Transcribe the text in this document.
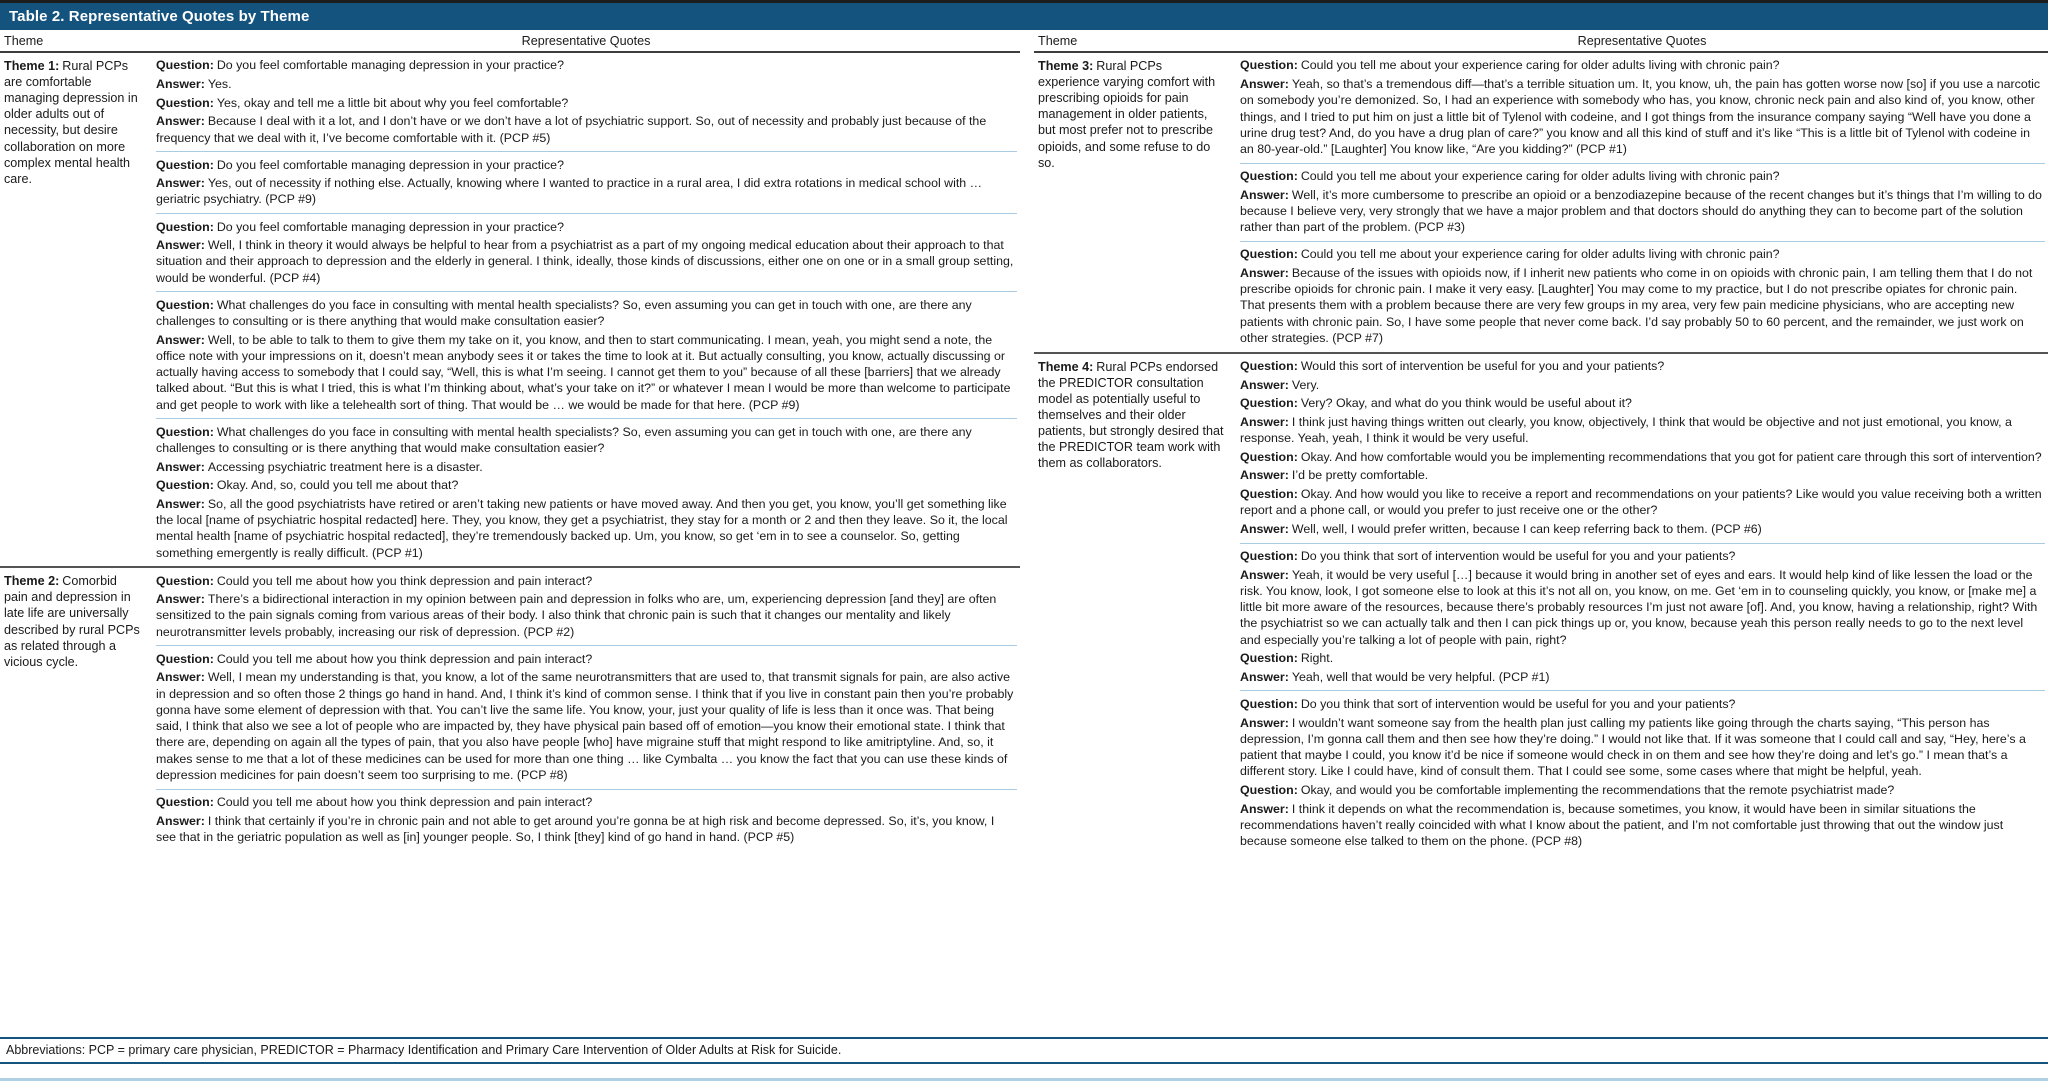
Table 2. Representative Quotes by Theme
Theme	Representative Quotes

Theme 1: Rural PCPs are comfortable managing depression in older adults out of necessity, but desire collaboration on more complex mental health care.

Question: Do you feel comfortable managing depression in your practice?

Answer: Yes.

Question: Yes, okay and tell me a little bit about why you feel comfortable?

Answer: Because I deal with it a lot, and I don’t have or we don’t have a lot of psychiatric support. So, out of necessity and probably just because of the frequency that we deal with it, I’ve become comfortable with it. (PCP #5)

Question: Do you feel comfortable managing depression in your practice?

Answer: Yes, out of necessity if nothing else. Actually, knowing where I wanted to practice in a rural area, I did extra rotations in medical school with … geriatric psychiatry. (PCP #9)

Question: Do you feel comfortable managing depression in your practice?

Answer: Well, I think in theory it would always be helpful to hear from a psychiatrist as a part of my ongoing medical education about their approach to that situation and their approach to depression and the elderly in general. I think, ideally, those kinds of discussions, either one on one or in a small group setting, would be wonderful. (PCP #4)

Question: What challenges do you face in consulting with mental health specialists? So, even assuming you can get in touch with one, are there any challenges to consulting or is there anything that would make consultation easier?

Answer: Well, to be able to talk to them to give them my take on it, you know, and then to start communicating. I mean, yeah, you might send a note, the office note with your impressions on it, doesn’t mean anybody sees it or takes the time to look at it. But actually consulting, you know, actually discussing or actually having access to somebody that I could say, “Well, this is what I’m seeing. I cannot get them to you” because of all these [barriers] that we already talked about. “But this is what I tried, this is what I’m thinking about, what’s your take on it?” or whatever I mean I would be more than welcome to participate and get people to work with like a telehealth sort of thing. That would be … we would be made for that here. (PCP #9)

Question: What challenges do you face in consulting with mental health specialists? So, even assuming you can get in touch with one, are there any challenges to consulting or is there anything that would make consultation easier?

Answer: Accessing psychiatric treatment here is a disaster.

Question: Okay. And, so, could you tell me about that?

Answer: So, all the good psychiatrists have retired or aren’t taking new patients or have moved away. And then you get, you know, you’ll get something like the local [name of psychiatric hospital redacted] here. They, you know, they get a psychiatrist, they stay for a month or 2 and then they leave. So it, the local mental health [name of psychiatric hospital redacted], they’re tremendously backed up. Um, you know, so get ‘em in to see a counselor. So, getting something emergently is really difficult. (PCP #1)

Theme 2: Comorbid pain and depression in late life are universally described by rural PCPs as related through a vicious cycle.

Question: Could you tell me about how you think depression and pain interact?

Answer: There’s a bidirectional interaction in my opinion between pain and depression in folks who are, um, experiencing depression [and they] are often sensitized to the pain signals coming from various areas of their body. I also think that chronic pain is such that it changes our mentality and likely neurotransmitter levels probably, increasing our risk of depression. (PCP #2)

Question: Could you tell me about how you think depression and pain interact?

Answer: Well, I mean my understanding is that, you know, a lot of the same neurotransmitters that are used to, that transmit signals for pain, are also active in depression and so often those 2 things go hand in hand. And, I think it’s kind of common sense. I think that if you live in constant pain then you’re probably gonna have some element of depression with that. You can’t live the same life. You know, your, just your quality of life is less than it once was. That being said, I think that also we see a lot of people who are impacted by, they have physical pain based off of emotion—you know their emotional state. I think that there are, depending on again all the types of pain, that you also have people [who] have migraine stuff that might respond to like amitriptyline. And, so, it makes sense to me that a lot of these medicines can be used for more than one thing … like Cymbalta … you know the fact that you can use these kinds of depression medicines for pain doesn’t seem too surprising to me. (PCP #8)

Question: Could you tell me about how you think depression and pain interact?

Answer: I think that certainly if you’re in chronic pain and not able to get around you’re gonna be at high risk and become depressed. So, it’s, you know, I see that in the geriatric population as well as [in] younger people. So, I think [they] kind of go hand in hand. (PCP #5)

Theme	Representative Quotes

Theme 3: Rural PCPs experience varying comfort with prescribing opioids for pain management in older patients, but most prefer not to prescribe opioids, and some refuse to do so.

Question: Could you tell me about your experience caring for older adults living with chronic pain?

Answer: Yeah, so that’s a tremendous diff—that’s a terrible situation um. It, you know, uh, the pain has gotten worse now [so] if you use a narcotic on somebody you’re demonized. So, I had an experience with somebody who has, you know, chronic neck pain and also kind of, you know, other things, and I tried to put him on just a little bit of Tylenol with codeine, and I got things from the insurance company saying “Well have you done a urine drug test? And, do you have a drug plan of care?” you know and all this kind of stuff and it’s like “This is a little bit of Tylenol with codeine in an 80-year-old.” [Laughter] You know like, “Are you kidding?” (PCP #1)

Question: Could you tell me about your experience caring for older adults living with chronic pain?

Answer: Well, it’s more cumbersome to prescribe an opioid or a benzodiazepine because of the recent changes but it’s things that I’m willing to do because I believe very, very strongly that we have a major problem and that doctors should do anything they can to become part of the solution rather than part of the problem. (PCP #3)

Question: Could you tell me about your experience caring for older adults living with chronic pain?

Answer: Because of the issues with opioids now, if I inherit new patients who come in on opioids with chronic pain, I am telling them that I do not prescribe opioids for chronic pain. I make it very easy. [Laughter] You may come to my practice, but I do not prescribe opiates for chronic pain. That presents them with a problem because there are very few groups in my area, very few pain medicine physicians, who are accepting new patients with chronic pain. So, I have some people that never come back. I’d say probably 50 to 60 percent, and the remainder, we just work on other strategies. (PCP #7)

Theme 4: Rural PCPs endorsed the PREDICTOR consultation model as potentially useful to themselves and their older patients, but strongly desired that the PREDICTOR team work with them as collaborators.

Question: Would this sort of intervention be useful for you and your patients?

Answer: Very.

Question: Very? Okay, and what do you think would be useful about it?

Answer: I think just having things written out clearly, you know, objectively, I think that would be objective and not just emotional, you know, a response. Yeah, yeah, I think it would be very useful.

Question: Okay. And how comfortable would you be implementing recommendations that you got for patient care through this sort of intervention?

Answer: I’d be pretty comfortable.

Question: Okay. And how would you like to receive a report and recommendations on your patients? Like would you value receiving both a written report and a phone call, or would you prefer to just receive one or the other?

Answer: Well, well, I would prefer written, because I can keep referring back to them. (PCP #6)

Question: Do you think that sort of intervention would be useful for you and your patients?

Answer: Yeah, it would be very useful […] because it would bring in another set of eyes and ears. It would help kind of like lessen the load or the risk. You know, look, I got someone else to look at this it’s not all on, you know, on me. Get ‘em in to counseling quickly, you know, or [make me] a little bit more aware of the resources, because there’s probably resources I’m just not aware [of]. And, you know, having a relationship, right? With the psychiatrist so we can actually talk and then I can pick things up or, you know, because yeah this person really needs to go to the next level and especially you’re talking a lot of people with pain, right?

Question: Right.

Answer: Yeah, well that would be very helpful. (PCP #1)

Question: Do you think that sort of intervention would be useful for you and your patients?

Answer: I wouldn’t want someone say from the health plan just calling my patients like going through the charts saying, “This person has depression, I’m gonna call them and then see how they’re doing.” I would not like that. If it was someone that I could call and say, “Hey, here’s a patient that maybe I could, you know it’d be nice if someone would check in on them and see how they’re doing and let’s go.” I mean that’s a different story. Like I could have, kind of consult them. That I could see some, some cases where that might be helpful, yeah.

Question: Okay, and would you be comfortable implementing the recommendations that the remote psychiatrist made?

Answer: I think it depends on what the recommendation is, because sometimes, you know, it would have been in similar situations the recommendations haven’t really coincided with what I know about the patient, and I’m not comfortable just throwing that out the window just because someone else talked to them on the phone. (PCP #8)

Abbreviations: PCP = primary care physician, PREDICTOR = Pharmacy Identification and Primary Care Intervention of Older Adults at Risk for Suicide.
